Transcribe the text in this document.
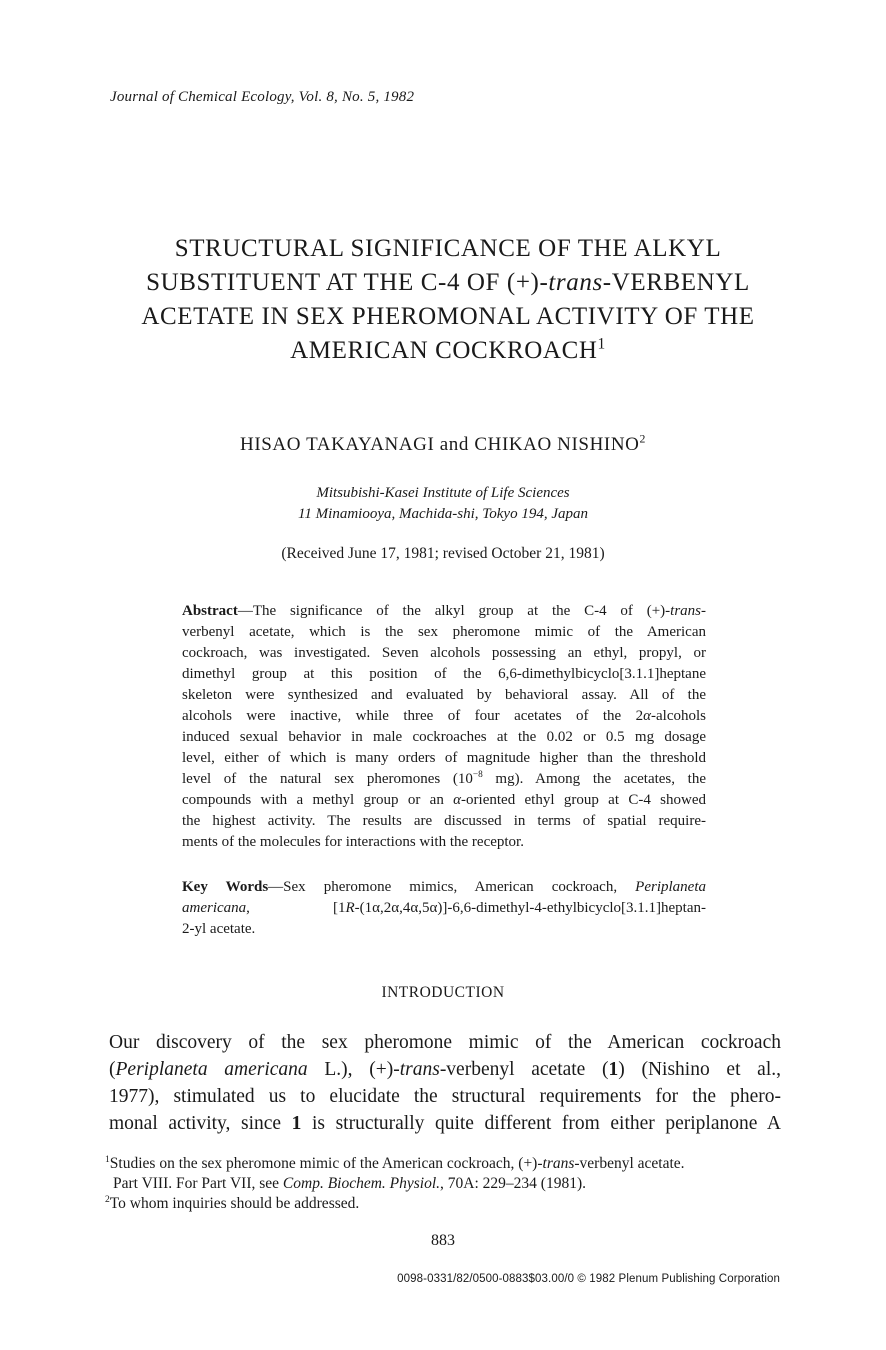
Journal of Chemical Ecology, Vol. 8, No. 5, 1982
STRUCTURAL SIGNIFICANCE OF THE ALKYL
SUBSTITUENT AT THE C-4 OF (+)-trans-VERBENYL
ACETATE IN SEX PHEROMONAL ACTIVITY OF THE
AMERICAN COCKROACH$^1$
HISAO TAKAYANAGI and CHIKAO NISHINO$^2$
Mitsubishi-Kasei Institute of Life Sciences
11 Minamiooya, Machida-shi, Tokyo 194, Japan
(Received June 17, 1981; revised October 21, 1981)
Abstract—The significance of the alkyl group at the C-4 of (+)-trans-
verbenyl acetate, which is the sex pheromone mimic of the American
cockroach, was investigated. Seven alcohols possessing an ethyl, propyl, or
dimethyl group at this position of the 6,6-dimethylbicyclo[3.1.1]heptane
skeleton were synthesized and evaluated by behavioral assay. All of the
alcohols were inactive, while three of four acetates of the 2α-alcohols
induced sexual behavior in male cockroaches at the 0.02 or 0.5 mg dosage
level, either of which is many orders of magnitude higher than the threshold
level of the natural sex pheromones ($10^{-8}$ mg). Among the acetates, the
compounds with a methyl group or an α-oriented ethyl group at C-4 showed
the highest activity. The results are discussed in terms of spatial require-
ments of the molecules for interactions with the receptor.
Key Words—Sex pheromone mimics, American cockroach, Periplaneta
americana, [1R-(1α,2α,4α,5α)]-6,6-dimethyl-4-ethylbicyclo[3.1.1]heptan-
2-yl acetate.
INTRODUCTION
Our discovery of the sex pheromone mimic of the American cockroach
(Periplaneta americana L.), (+)-trans-verbenyl acetate (1) (Nishino et al.,
1977), stimulated us to elucidate the structural requirements for the phero-
monal activity, since 1 is structurally quite different from either periplanone A
$^1$Studies on the sex pheromone mimic of the American cockroach, (+)-trans-verbenyl acetate.
Part VIII. For Part VII, see Comp. Biochem. Physiol., 70A: 229–234 (1981).
$^2$To whom inquiries should be addressed.
883
0098-0331/82/0500-0883$03.00/0 © 1982 Plenum Publishing Corporation
